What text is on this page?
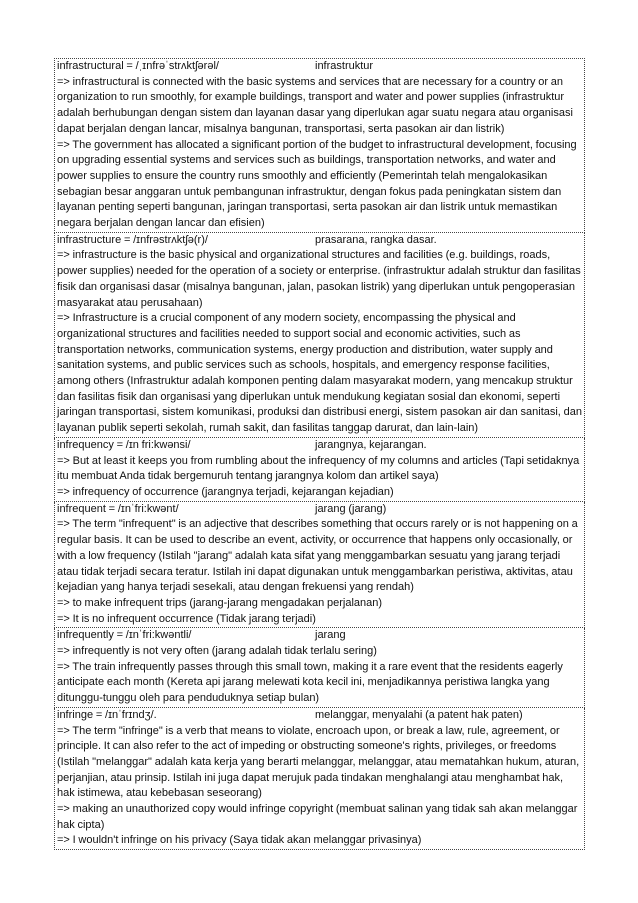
infrastructural = /ˌɪnfrəˈstrʌktʃərəl/	infrastruktur
=> infrastructural is connected with the basic systems and services that are necessary for a country or an organization to run smoothly, for example buildings, transport and water and power supplies (infrastruktur adalah berhubungan dengan sistem dan layanan dasar yang diperlukan agar suatu negara atau organisasi dapat berjalan dengan lancar, misalnya bangunan, transportasi, serta pasokan air dan listrik)
=> The government has allocated a significant portion of the budget to infrastructural development, focusing on upgrading essential systems and services such as buildings, transportation networks, and water and power supplies to ensure the country runs smoothly and efficiently (Pemerintah telah mengalokasikan sebagian besar anggaran untuk pembangunan infrastruktur, dengan fokus pada peningkatan sistem dan layanan penting seperti bangunan, jaringan transportasi, serta pasokan air dan listrik untuk memastikan negara berjalan dengan lancar dan efisien)
infrastructure = /ɪnfrəstrʌktʃə(r)/	prasarana, rangka dasar.
=> infrastructure is the basic physical and organizational structures and facilities (e.g. buildings, roads, power supplies) needed for the operation of a society or enterprise. (infrastruktur adalah struktur dan fasilitas fisik dan organisasi dasar (misalnya bangunan, jalan, pasokan listrik) yang diperlukan untuk pengoperasian masyarakat atau perusahaan)
=> Infrastructure is a crucial component of any modern society, encompassing the physical and organizational structures and facilities needed to support social and economic activities, such as transportation networks, communication systems, energy production and distribution, water supply and sanitation systems, and public services such as schools, hospitals, and emergency response facilities, among others (Infrastruktur adalah komponen penting dalam masyarakat modern, yang mencakup struktur dan fasilitas fisik dan organisasi yang diperlukan untuk mendukung kegiatan sosial dan ekonomi, seperti jaringan transportasi, sistem komunikasi, produksi dan distribusi energi, sistem pasokan air dan sanitasi, dan layanan publik seperti sekolah, rumah sakit, dan fasilitas tanggap darurat, dan lain-lain)
infrequency = /ɪn fri:kwənsi/	jarangnya, kejarangan.
=> But at least it keeps you from rumbling about the infrequency of my columns and articles (Tapi setidaknya itu membuat Anda tidak bergemuruh tentang jarangnya kolom dan artikel saya)
=> infrequency of occurrence (jarangnya terjadi, kejarangan kejadian)
infrequent = /ɪnˈfri:kwənt/	jarang (jarang)
=> The term "infrequent" is an adjective that describes something that occurs rarely or is not happening on a regular basis. It can be used to describe an event, activity, or occurrence that happens only occasionally, or with a low frequency (Istilah "jarang" adalah kata sifat yang menggambarkan sesuatu yang jarang terjadi atau tidak terjadi secara teratur. Istilah ini dapat digunakan untuk menggambarkan peristiwa, aktivitas, atau kejadian yang hanya terjadi sesekali, atau dengan frekuensi yang rendah)
=> to make infrequent trips (jarang-jarang mengadakan perjalanan)
=> It is no infrequent occurrence (Tidak jarang terjadi)
infrequently = /ɪnˈfri:kwəntli/	jarang
=> infrequently is not very often (jarang adalah tidak terlalu sering)
=> The train infrequently passes through this small town, making it a rare event that the residents eagerly anticipate each month (Kereta api jarang melewati kota kecil ini, menjadikannya peristiwa langka yang ditunggu-tunggu oleh para penduduknya setiap bulan)
infringe = /ɪnˈfrɪndʒ/.	melanggar, menyalahi (a patent hak paten)
=> The term "infringe" is a verb that means to violate, encroach upon, or break a law, rule, agreement, or principle. It can also refer to the act of impeding or obstructing someone's rights, privileges, or freedoms (Istilah "melanggar" adalah kata kerja yang berarti melanggar, melanggar, atau mematahkan hukum, aturan, perjanjian, atau prinsip. Istilah ini juga dapat merujuk pada tindakan menghalangi atau menghambat hak, hak istimewa, atau kebebasan seseorang)
=> making an unauthorized copy would infringe copyright (membuat salinan yang tidak sah akan melanggar hak cipta)
=> I wouldn't infringe on his privacy (Saya tidak akan melanggar privasinya)
